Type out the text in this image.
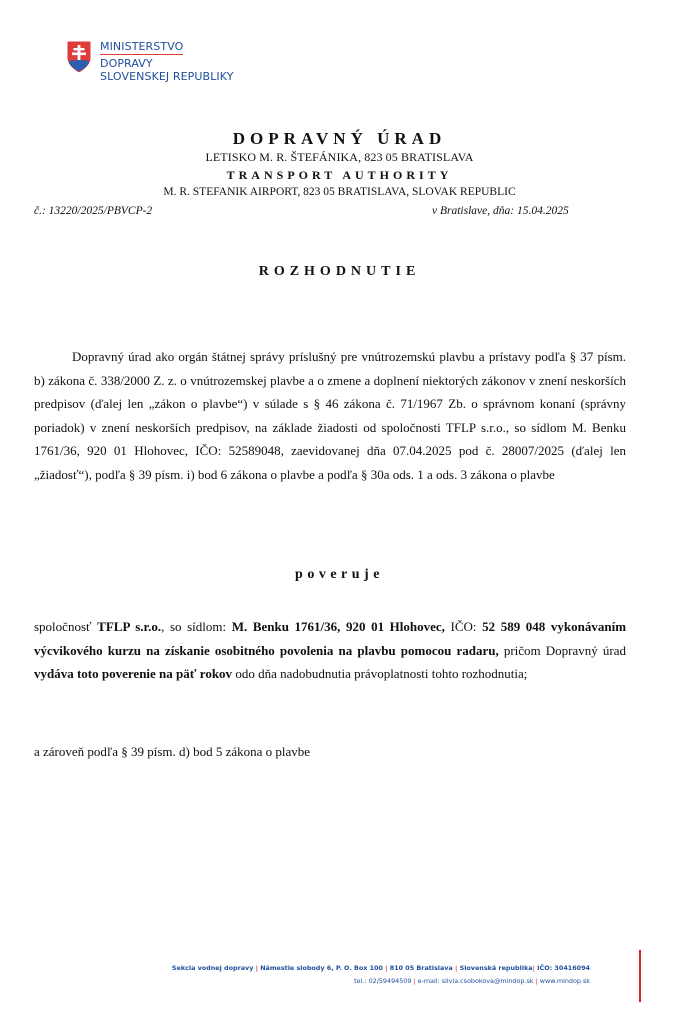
MINISTERSTVO
DOPRAVY
SLOVENSKEJ REPUBLIKY
DOPRAVNÝ ÚRAD
LETISKO M. R. ŠTEFÁNIKA, 823 05 BRATISLAVA
TRANSPORT AUTHORITY
M. R. STEFANIK AIRPORT, 823 05 BRATISLAVA, SLOVAK REPUBLIC
č.: 13220/2025/PBVCP-2	v Bratislave, dňa: 15.04.2025
ROZHODNUTIE
Dopravný úrad ako orgán štátnej správy príslušný pre vnútrozemskú plavbu a prístavy podľa § 37 písm. b) zákona č. 338/2000 Z. z. o vnútrozemskej plavbe a o zmene a doplnení niektorých zákonov v znení neskorších predpisov (ďalej len „zákon o plavbe“) v súlade s § 46 zákona č. 71/1967 Zb. o správnom konaní (správny poriadok) v znení neskorších predpisov, na základe žiadosti od spoločnosti TFLP s.r.o., so sídlom M. Benku 1761/36, 920 01 Hlohovec, IČO: 52589048, zaevidovanej dňa 07.04.2025 pod č. 28007/2025 (ďalej len „žiadosť“), podľa § 39 písm. i) bod 6 zákona o plavbe a podľa § 30a ods. 1 a ods. 3 zákona o plavbe
poveruje
spoločnosť TFLP s.r.o., so sídlom: M. Benku 1761/36, 920 01 Hlohovec, IČO: 52 589 048 vykonávaním výcvikového kurzu na získanie osobitného povolenia na plavbu pomocou radaru, pričom Dopravný úrad vydáva toto poverenie na päť rokov odo dňa nadobudnutia právoplatnosti tohto rozhodnutia;
a zároveň podľa § 39 písm. d) bod 5 zákona o plavbe
Sekcia vodnej dopravy | Námestie slobody 6, P. O. Box 100 | 810 05 Bratislava | Slovenská republika| IČO: 30416094
tel.: 02/59494509 | e-mail: silvia.csobokova@mindop.sk | www.mindop.sk
